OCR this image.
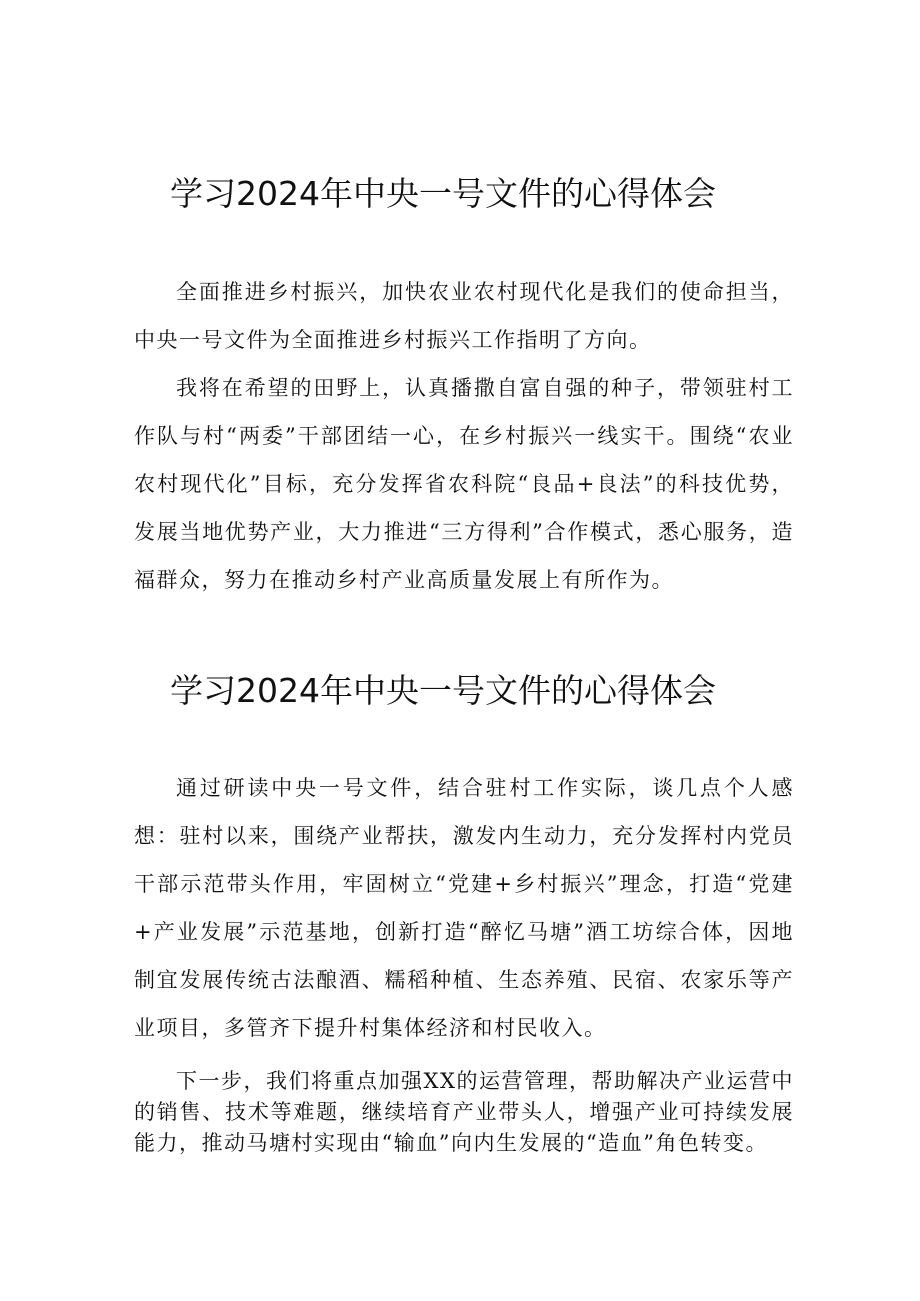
学习2024年中央一号文件的心得体会

全面推进乡村振兴，加快农业农村现代化是我们的使命担当，中央一号文件为全面推进乡村振兴工作指明了方向。

我将在希望的田野上，认真播撒自富自强的种子，带领驻村工作队与村“两委”干部团结一心，在乡村振兴一线实干。围绕“农业农村现代化”目标，充分发挥省农科院“良品+良法”的科技优势，发展当地优势产业，大力推进“三方得利”合作模式，悉心服务，造福群众，努力在推动乡村产业高质量发展上有所作为。

学习2024年中央一号文件的心得体会

通过研读中央一号文件，结合驻村工作实际，谈几点个人感想：驻村以来，围绕产业帮扶，激发内生动力，充分发挥村内党员干部示范带头作用，牢固树立“党建+乡村振兴”理念，打造“党建+产业发展”示范基地，创新打造“醉忆马塘”酒工坊综合体，因地制宜发展传统古法酿酒、糯稻种植、生态养殖、民宿、农家乐等产业项目，多管齐下提升村集体经济和村民收入。

下一步，我们将重点加强XX的运营管理，帮助解决产业运营中的销售、技术等难题，继续培育产业带头人，增强产业可持续发展能力，推动马塘村实现由“输血”向内生发展的“造血”角色转变。
